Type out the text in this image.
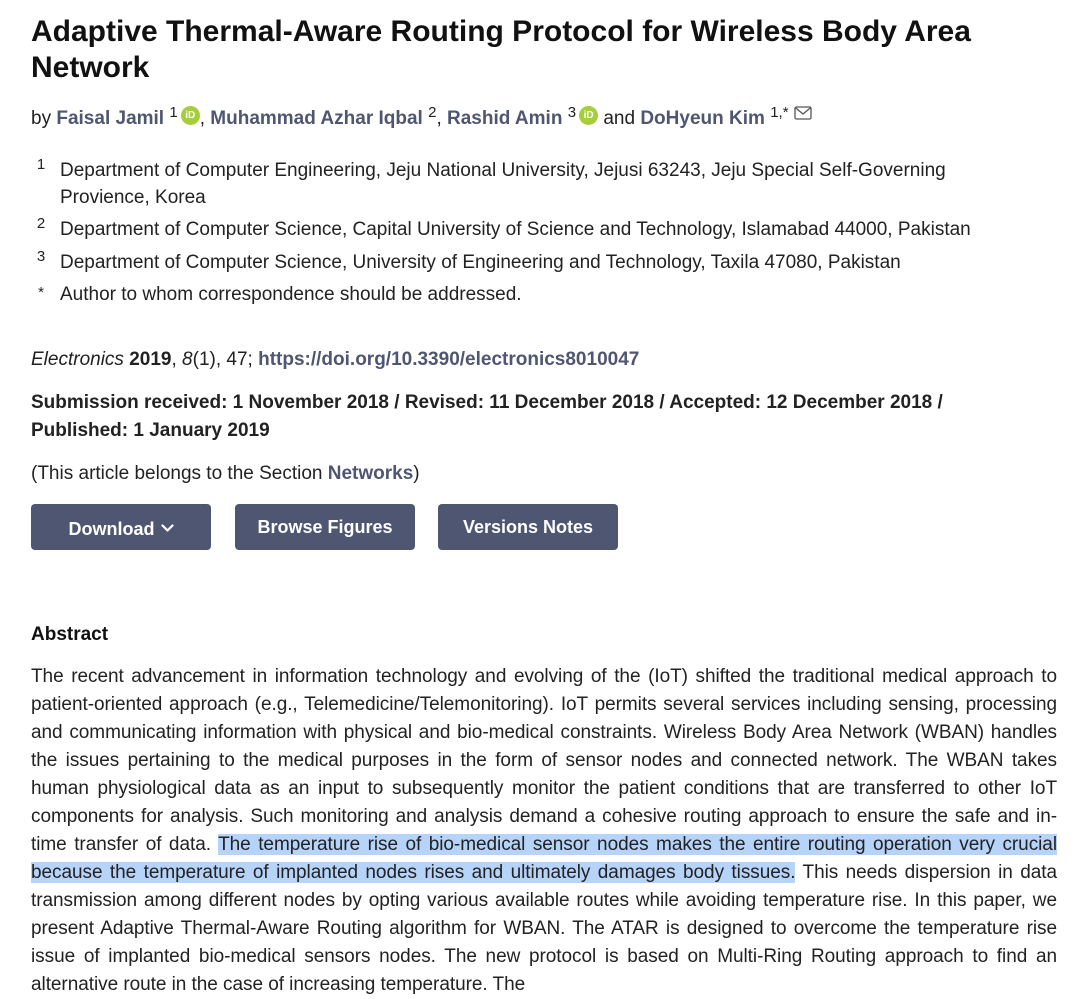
Adaptive Thermal-Aware Routing Protocol for Wireless Body Area Network
by Faisal Jamil $^1$ iD , Muhammad Azhar Iqbal $^2$, Rashid Amin $^3$ iD and DoHyeun Kim $^{1,*}$
1 Department of Computer Engineering, Jeju National University, Jejusi 63243, Jeju Special Self-Governing Provience, Korea
2 Department of Computer Science, Capital University of Science and Technology, Islamabad 44000, Pakistan
3 Department of Computer Science, University of Engineering and Technology, Taxila 47080, Pakistan
* Author to whom correspondence should be addressed.
Electronics 2019, 8(1), 47; https://doi.org/10.3390/electronics8010047
Submission received: 1 November 2018 / Revised: 11 December 2018 / Accepted: 12 December 2018 / Published: 1 January 2019
(This article belongs to the Section Networks)
Download	Browse Figures	Versions Notes
Abstract

The recent advancement in information technology and evolving of the (IoT) shifted the traditional medical approach to patient-oriented approach (e.g., Telemedicine/Telemonitoring). IoT permits several services including sensing, processing and communicating information with physical and bio-medical constraints. Wireless Body Area Network (WBAN) handles the issues pertaining to the medical purposes in the form of sensor nodes and connected network. The WBAN takes human physiological data as an input to subsequently monitor the patient conditions that are transferred to other IoT components for analysis. Such monitoring and analysis demand a cohesive routing approach to ensure the safe and in-time transfer of data. The temperature rise of bio-medical sensor nodes makes the entire routing operation very crucial because the temperature of implanted nodes rises and ultimately damages body tissues. This needs dispersion in data transmission among different nodes by opting various available routes while avoiding temperature rise. In this paper, we present Adaptive Thermal-Aware Routing algorithm for WBAN. The ATAR is designed to overcome the temperature rise issue of implanted bio-medical sensors nodes. The new protocol is based on Multi-Ring Routing approach to find an alternative route in the case of increasing temperature. The
